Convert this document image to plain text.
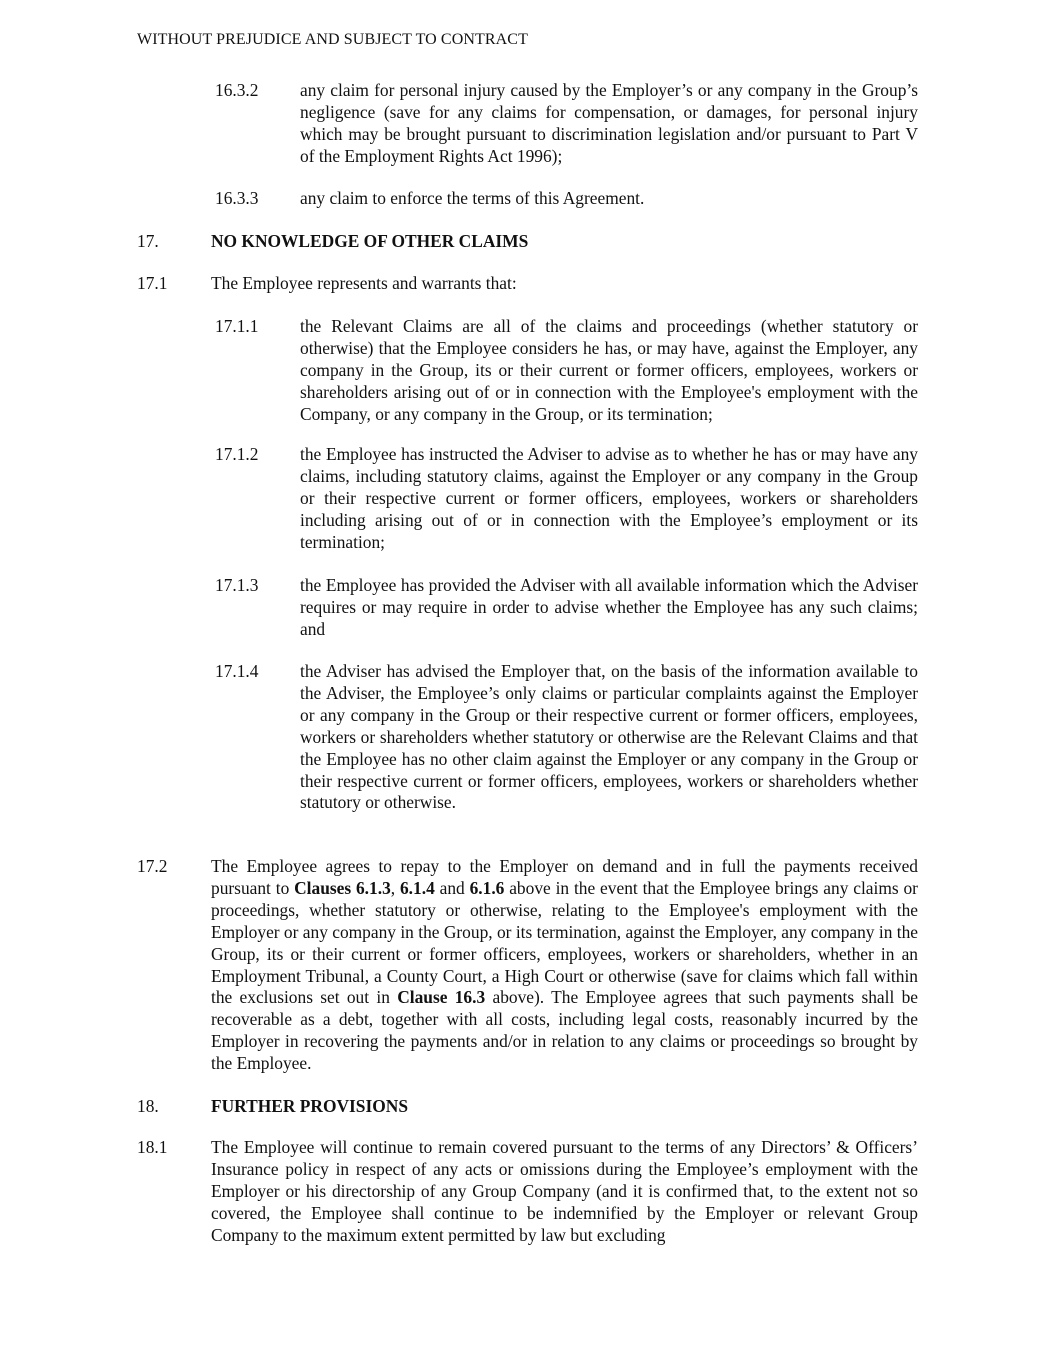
WITHOUT PREJUDICE AND SUBJECT TO CONTRACT
16.3.2 any claim for personal injury caused by the Employer’s or any company in the Group’s negligence (save for any claims for compensation, or damages, for personal injury which may be brought pursuant to discrimination legislation and/or pursuant to Part V of the Employment Rights Act 1996);
16.3.3 any claim to enforce the terms of this Agreement.
17.	NO KNOWLEDGE OF OTHER CLAIMS
17.1	The Employee represents and warrants that:
17.1.1 the Relevant Claims are all of the claims and proceedings (whether statutory or otherwise) that the Employee considers he has, or may have, against the Employer, any company in the Group, its or their current or former officers, employees, workers or shareholders arising out of or in connection with the Employee's employment with the Company, or any company in the Group, or its termination;
17.1.2 the Employee has instructed the Adviser to advise as to whether he has or may have any claims, including statutory claims, against the Employer or any company in the Group or their respective current or former officers, employees, workers or shareholders including arising out of or in connection with the Employee’s employment or its termination;
17.1.3 the Employee has provided the Adviser with all available information which the Adviser requires or may require in order to advise whether the Employee has any such claims; and
17.1.4 the Adviser has advised the Employer that, on the basis of the information available to the Adviser, the Employee’s only claims or particular complaints against the Employer or any company in the Group or their respective current or former officers, employees, workers or shareholders whether statutory or otherwise are the Relevant Claims and that the Employee has no other claim against the Employer or any company in the Group or their respective current or former officers, employees, workers or shareholders whether statutory or otherwise.
17.2	The Employee agrees to repay to the Employer on demand and in full the payments received pursuant to Clauses 6.1.3, 6.1.4 and 6.1.6 above in the event that the Employee brings any claims or proceedings, whether statutory or otherwise, relating to the Employee's employment with the Employer or any company in the Group, or its termination, against the Employer, any company in the Group, its or their current or former officers, employees, workers or shareholders, whether in an Employment Tribunal, a County Court, a High Court or otherwise (save for claims which fall within the exclusions set out in Clause 16.3 above). The Employee agrees that such payments shall be recoverable as a debt, together with all costs, including legal costs, reasonably incurred by the Employer in recovering the payments and/or in relation to any claims or proceedings so brought by the Employee.
18.	FURTHER PROVISIONS
18.1	The Employee will continue to remain covered pursuant to the terms of any Directors’ & Officers’ Insurance policy in respect of any acts or omissions during the Employee’s employment with the Employer or his directorship of any Group Company (and it is confirmed that, to the extent not so covered, the Employee shall continue to be indemnified by the Employer or relevant Group Company to the maximum extent permitted by law but excluding
